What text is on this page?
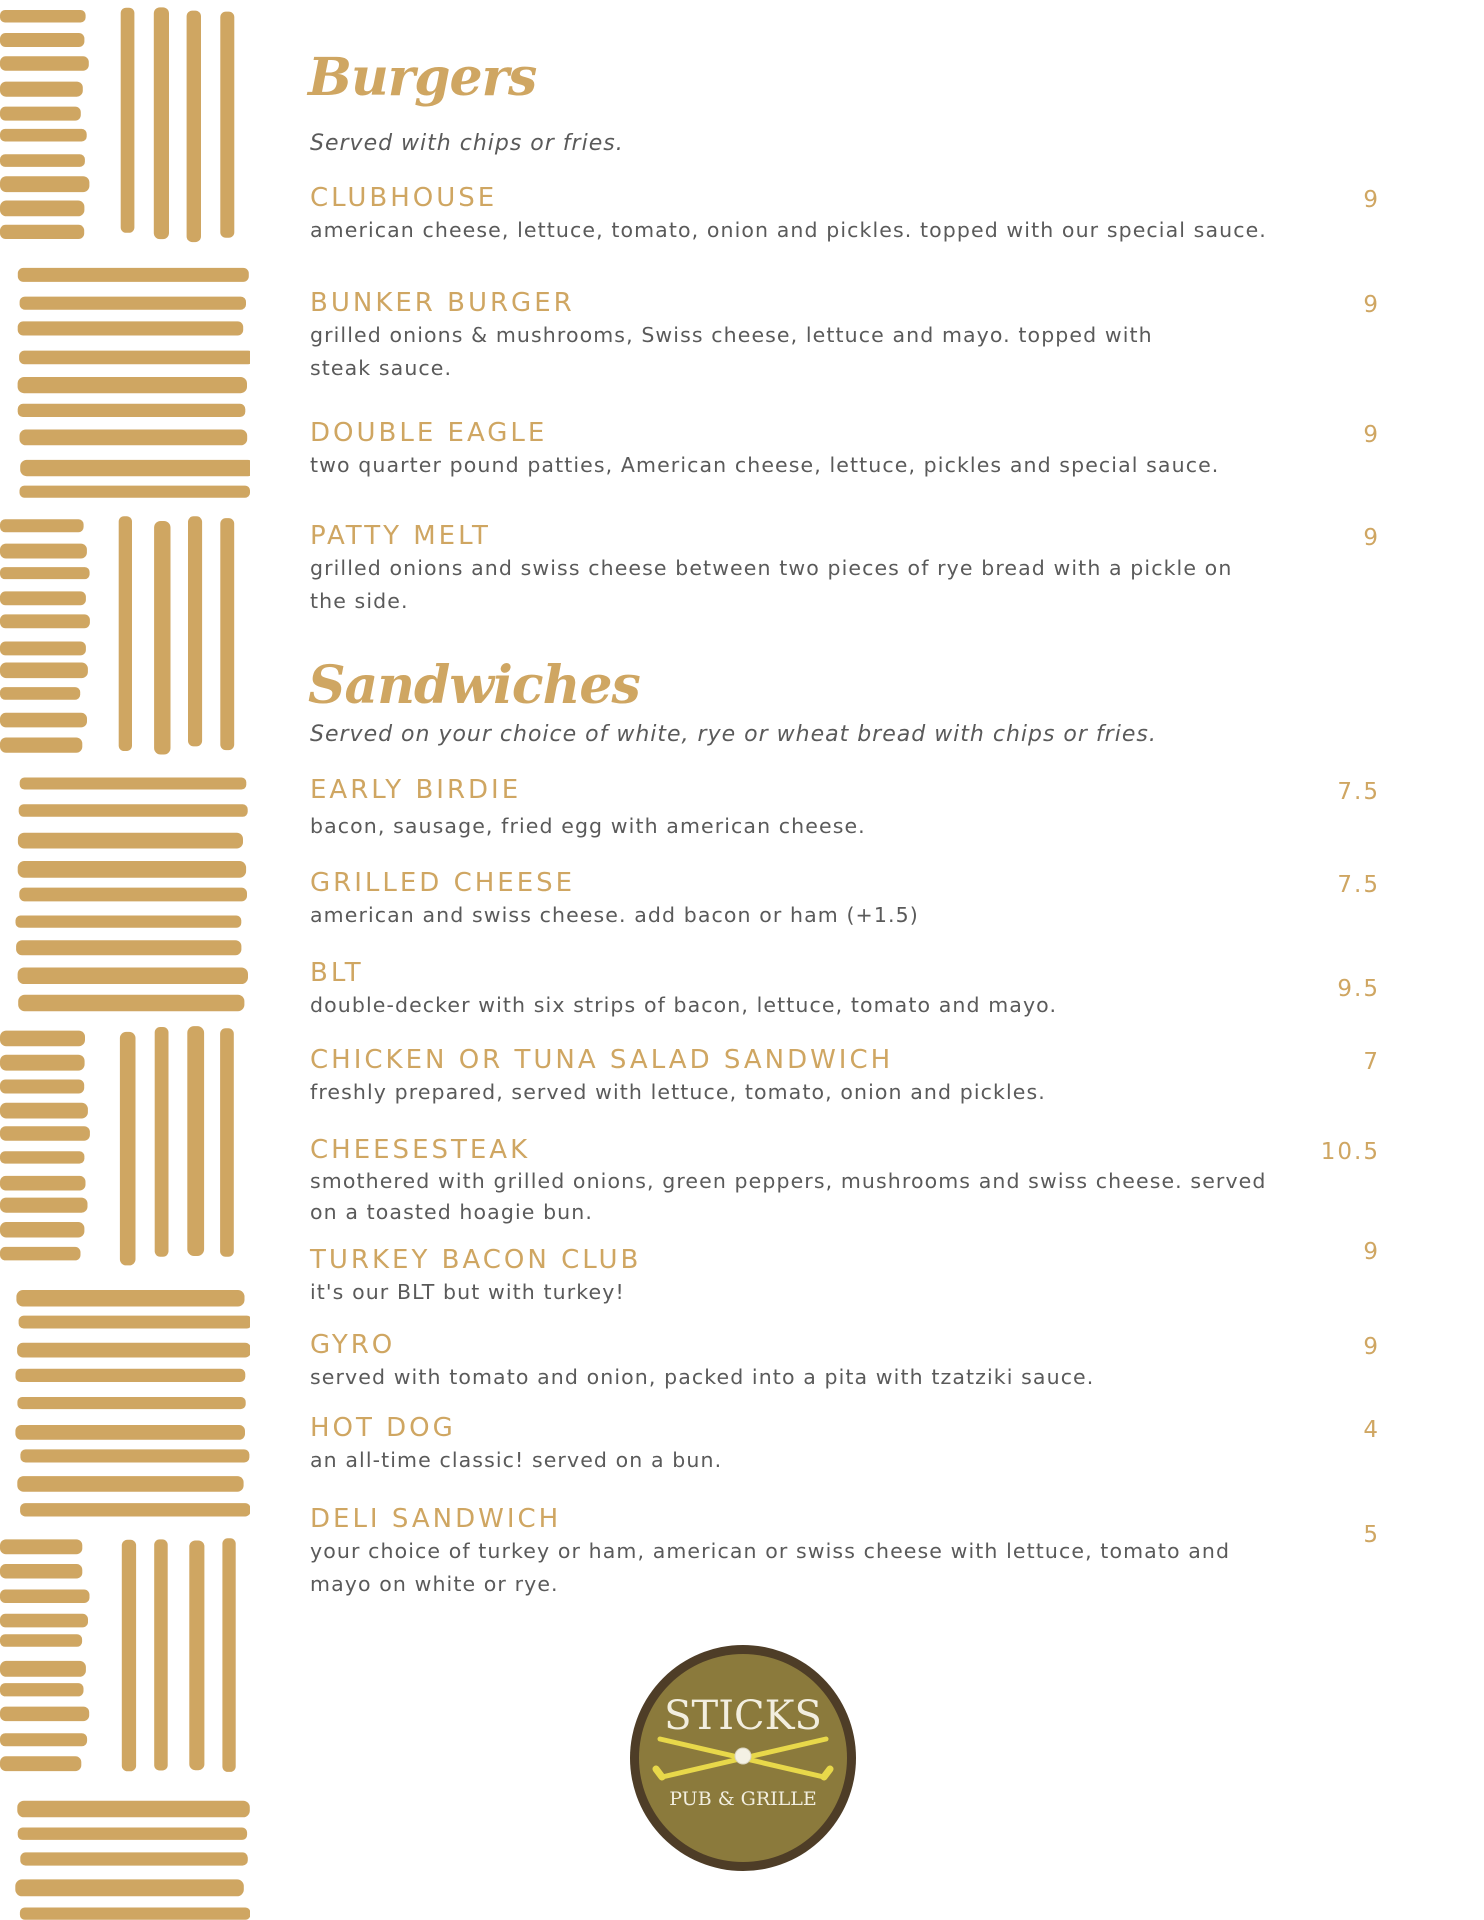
Burgers

Served with chips or fries.

CLUBHOUSE
american cheese, lettuce, tomato, onion and pickles. topped with our special sauce.
9
BUNKER BURGER
grilled onions & mushrooms, Swiss cheese, lettuce and mayo. topped with steak sauce.
9
DOUBLE EAGLE
two quarter pound patties, American cheese, lettuce, pickles and special sauce.
9
PATTY MELT
grilled onions and swiss cheese between two pieces of rye bread with a pickle on the side.
9
Sandwiches

Served on your choice of white, rye or wheat bread with chips or fries.

EARLY BIRDIE
bacon, sausage, fried egg with american cheese.
7.5
GRILLED CHEESE
american and swiss cheese. add bacon or ham (+1.5)
7.5
BLT
double-decker with six strips of bacon, lettuce, tomato and mayo.
9.5
CHICKEN OR TUNA SALAD SANDWICH
freshly prepared, served with lettuce, tomato, onion and pickles.
7
CHEESESTEAK
smothered with grilled onions, green peppers, mushrooms and swiss cheese. served on a toasted hoagie bun.
10.5
TURKEY BACON CLUB
it's our BLT but with turkey!
9
GYRO
served with tomato and onion, packed into a pita with tzatziki sauce.
9
HOT DOG
an all-time classic! served on a bun.
4
DELI SANDWICH
your choice of turkey or ham, american or swiss cheese with lettuce, tomato and mayo on white or rye.
5
STICKS
PUB & GRILLE
